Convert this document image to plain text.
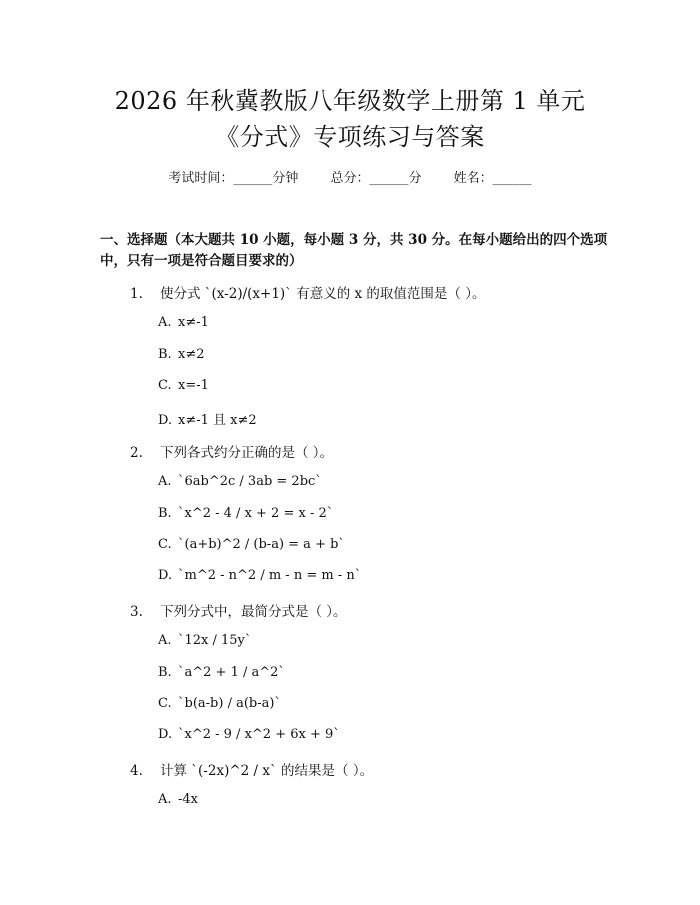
2026 年秋冀教版八年级数学上册第 1 单元
《分式》专项练习与答案
考试时间：______分钟 总分：______分 姓名：______
一、选择题（本大题共 10 小题，每小题 3 分，共 30 分。在每小题给出的四个选项中，只有一项是符合题目要求的）
1. 使分式 `(x-2)/(x+1)` 有意义的 x 的取值范围是（ ）。
A. x≠-1
B. x≠2
C. x=-1
D. x≠-1 且 x≠2
2. 下列各式约分正确的是（ ）。
A. `6ab^2c / 3ab = 2bc`
B. `x^2 - 4 / x + 2 = x - 2`
C. `(a+b)^2 / (b-a) = a + b`
D. `m^2 - n^2 / m - n = m - n`
3. 下列分式中，最简分式是（ ）。
A. `12x / 15y`
B. `a^2 + 1 / a^2`
C. `b(a-b) / a(b-a)`
D. `x^2 - 9 / x^2 + 6x + 9`
4. 计算 `(-2x)^2 / x` 的结果是（ ）。
A. -4x
